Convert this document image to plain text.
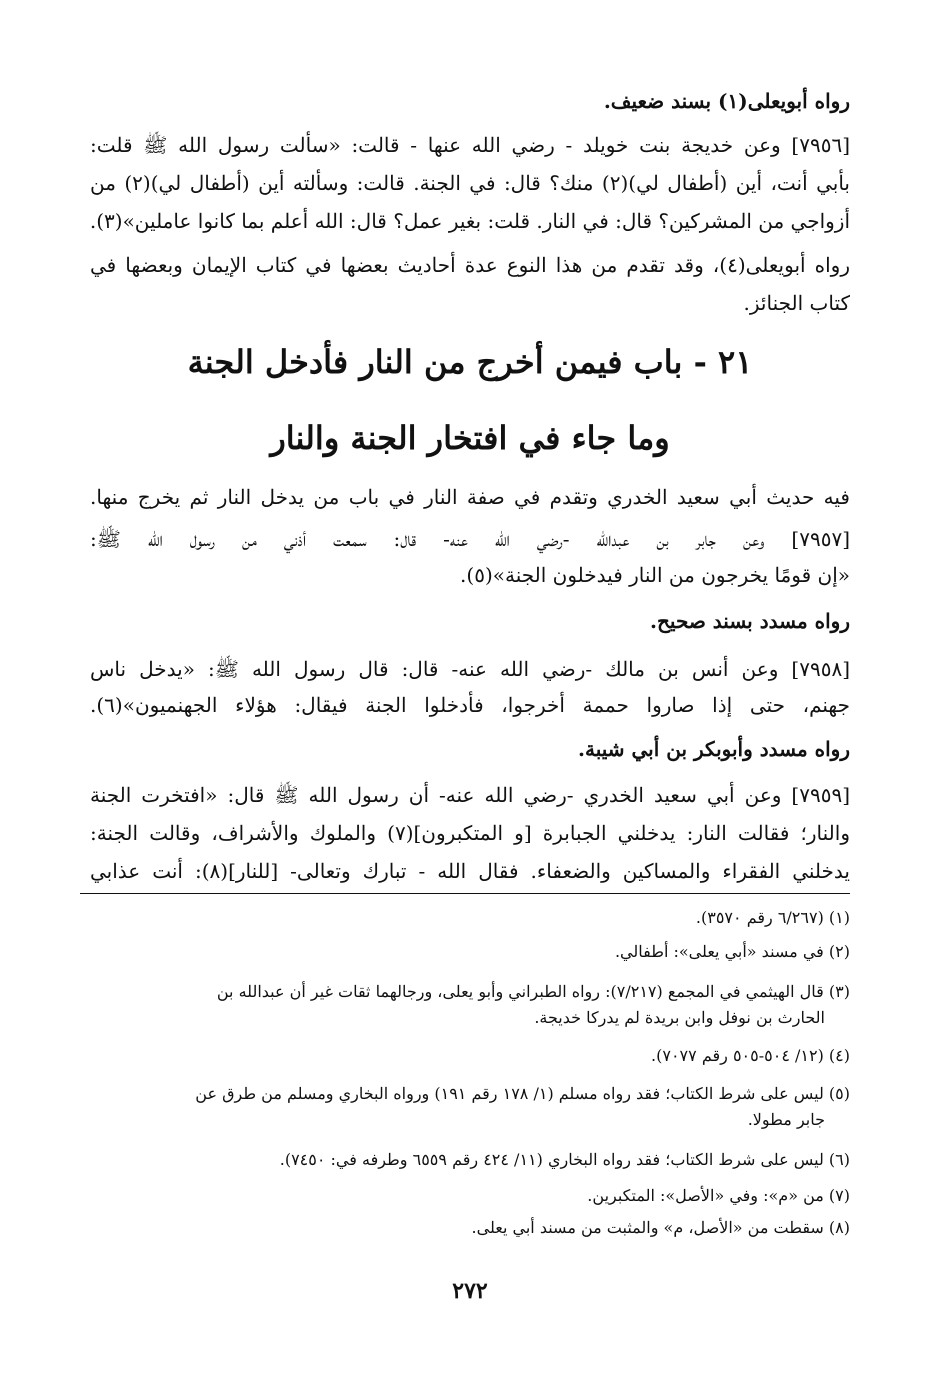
رواه أبويعلى(١) بسند ضعيف.
[٧٩٥٦] وعن خديجة بنت خويلد - رضي الله عنها - قالت: «سألت رسول الله ﷺ قلت:
بأبي أنت، أين (أطفال لي)(٢) منك؟ قال: في الجنة. قالت: وسألته أين (أطفال لي)(٢) من
أزواجي من المشركين؟ قال: في النار. قلت: بغير عمل؟ قال: الله أعلم بما كانوا عاملين»(٣).
رواه أبويعلى(٤)، وقد تقدم من هذا النوع عدة أحاديث بعضها في كتاب الإيمان وبعضها في
كتاب الجنائز.
٢١ - باب فيمن أخرج من النار فأدخل الجنة
وما جاء في افتخار الجنة والنار
فيه حديث أبي سعيد الخدري وتقدم في صفة النار في باب من يدخل النار ثم يخرج منها.
[٧٩٥٧] وعن جابر بن عبدالله -رضي الله عنه- قال: سمعت أذني من رسول الله ﷺ:
«إن قومًا يخرجون من النار فيدخلون الجنة»(٥).
رواه مسدد بسند صحيح.
[٧٩٥٨] وعن أنس بن مالك -رضي الله عنه- قال: قال رسول الله ﷺ: «يدخل ناس
جهنم، حتى إذا صاروا حممة أخرجوا، فأدخلوا الجنة فيقال: هؤلاء الجهنميون»(٦).
رواه مسدد وأبوبكر بن أبي شيبة.
[٧٩٥٩] وعن أبي سعيد الخدري -رضي الله عنه- أن رسول الله ﷺ قال: «افتخرت الجنة
والنار؛ فقالت النار: يدخلني الجبابرة [و المتكبرون](٧) والملوك والأشراف، وقالت الجنة:
يدخلني الفقراء والمساكين والضعفاء. فقال الله - تبارك وتعالى- [للنار](٨): أنت عذابي
(١) (٦/٢٦٧ رقم ٣٥٧٠).
(٢) في مسند «أبي يعلى»: أطفالي.
(٣) قال الهيثمي في المجمع (٧/٢١٧): رواه الطبراني وأبو يعلى، ورجالهما ثقات غير أن عبدالله بن
الحارث بن نوفل وابن بريدة لم يدركا خديجة.
(٤) (١٢/ ٥٠٤-٥٠٥ رقم ٧٠٧٧).
(٥) ليس على شرط الكتاب؛ فقد رواه مسلم (١/ ١٧٨ رقم ١٩١) ورواه البخاري ومسلم من طرق عن
جابر مطولا.
(٦) ليس على شرط الكتاب؛ فقد رواه البخاري (١١/ ٤٢٤ رقم ٦٥٥٩ وطرفه في: ٧٤٥٠).
(٧) من «م»: وفي «الأصل»: المتكبرين.
(٨) سقطت من «الأصل، م» والمثبت من مسند أبي يعلى.
٢٧٢
